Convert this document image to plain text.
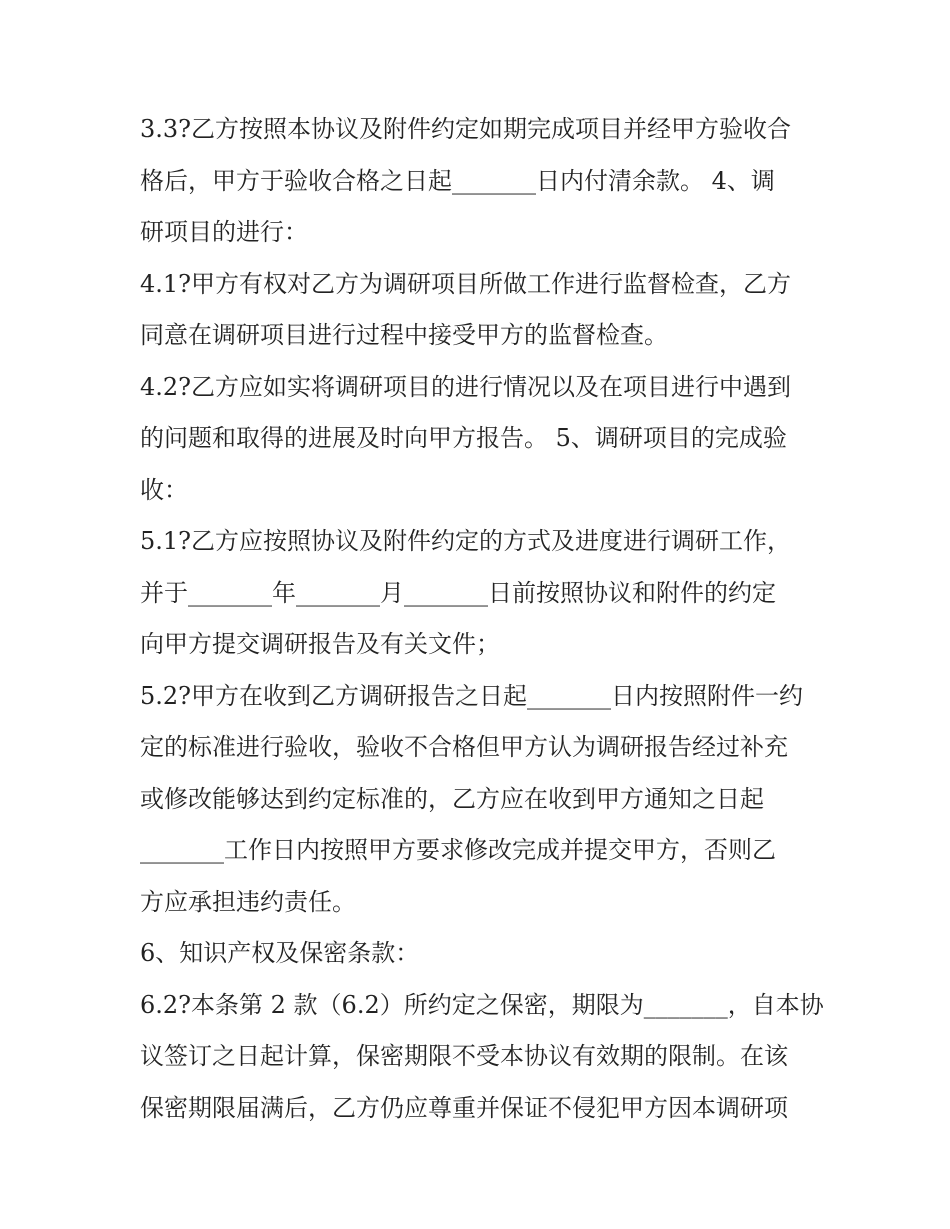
3.3?乙方按照本协议及附件约定如期完成项目并经甲方验收合
格后，甲方于验收合格之日起_______日内付清余款。 4、调
研项目的进行：
4.1?甲方有权对乙方为调研项目所做工作进行监督检查，乙方
同意在调研项目进行过程中接受甲方的监督检查。
4.2?乙方应如实将调研项目的进行情况以及在项目进行中遇到
的问题和取得的进展及时向甲方报告。 5、调研项目的完成验
收：
5.1?乙方应按照协议及附件约定的方式及进度进行调研工作，
并于_______年_______月_______日前按照协议和附件的约定
向甲方提交调研报告及有关文件；
5.2?甲方在收到乙方调研报告之日起_______日内按照附件一约
定的标准进行验收，验收不合格但甲方认为调研报告经过补充
或修改能够达到约定标准的，乙方应在收到甲方通知之日起
_______工作日内按照甲方要求修改完成并提交甲方，否则乙
方应承担违约责任。
6、知识产权及保密条款：
6.2?本条第 2 款（6.2）所约定之保密，期限为_______，自本协
议签订之日起计算，保密期限不受本协议有效期的限制。在该
保密期限届满后，乙方仍应尊重并保证不侵犯甲方因本调研项
